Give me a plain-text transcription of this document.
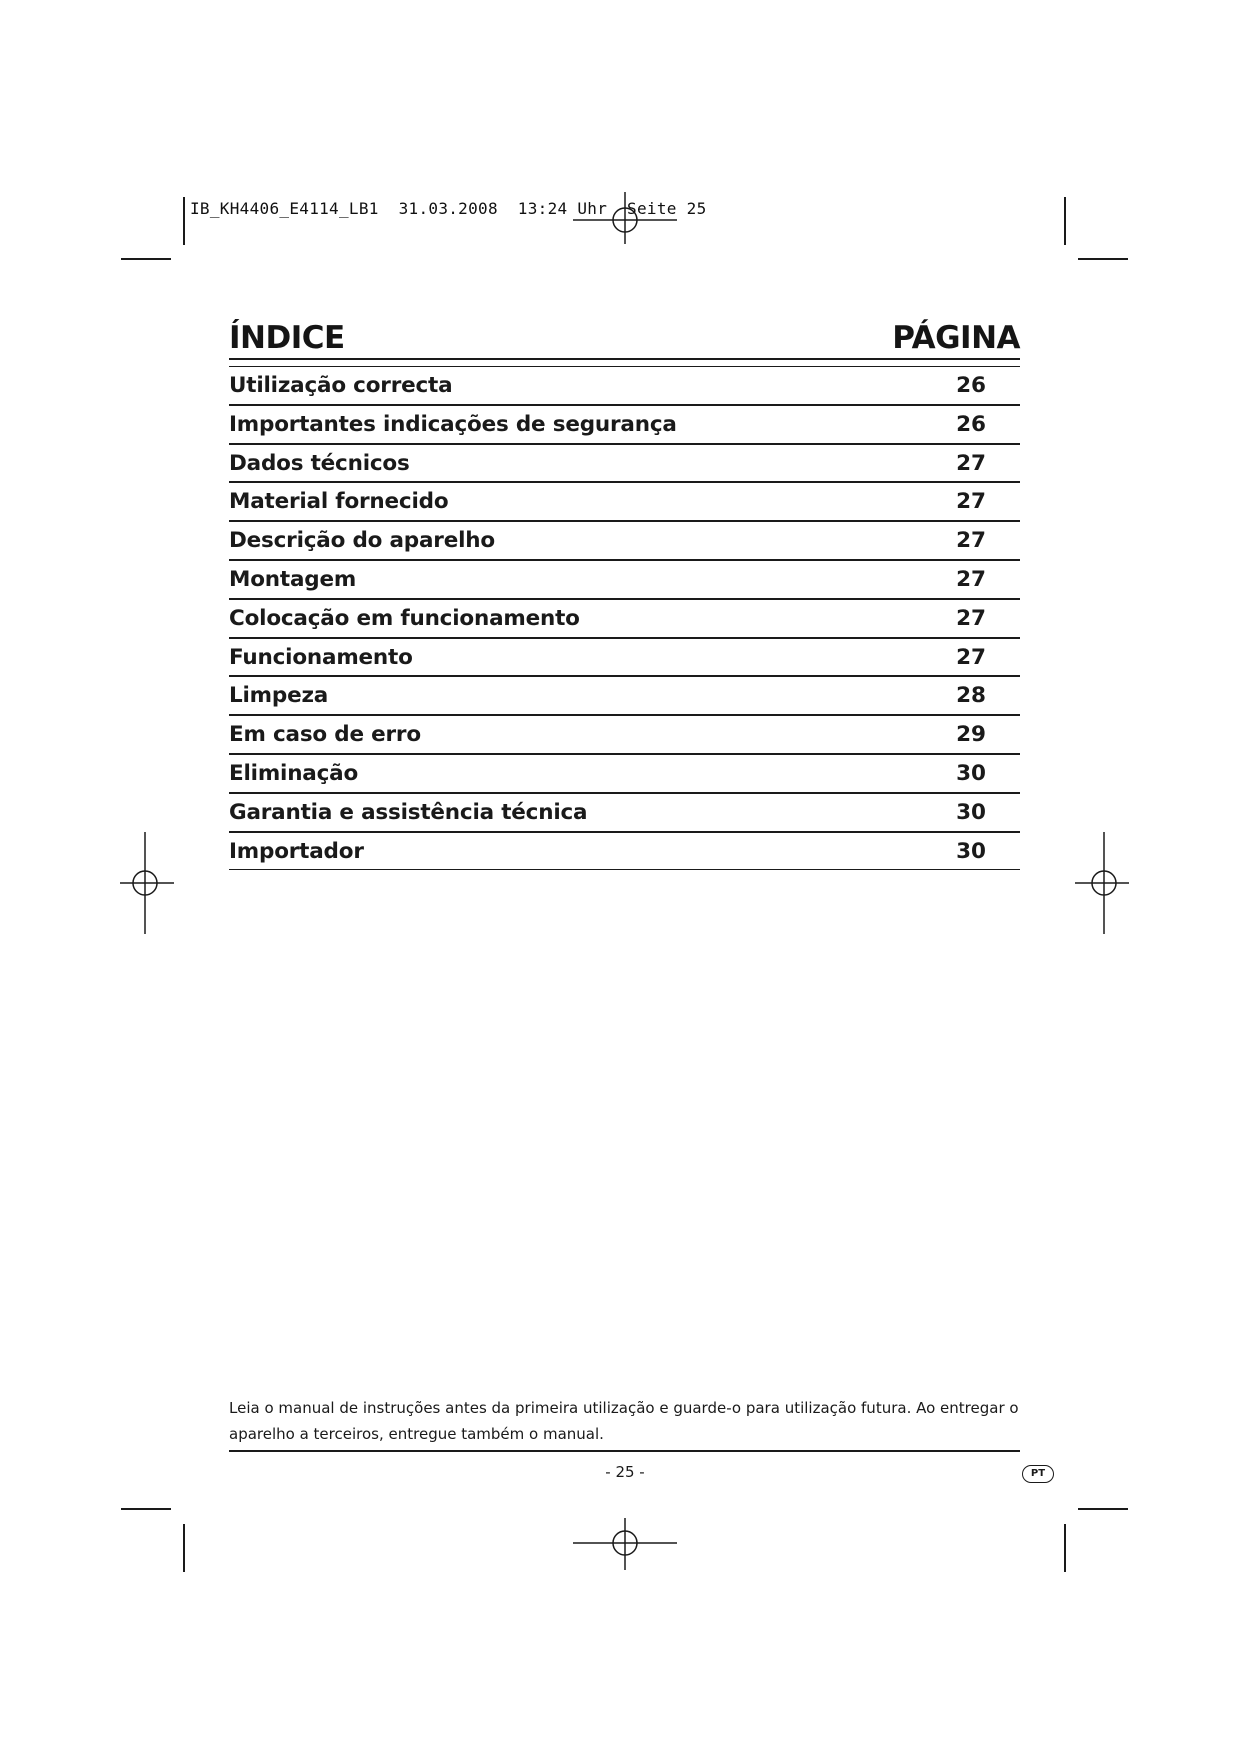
IB_KH4406_E4114_LB1  31.03.2008  13:24 Uhr  Seite 25
ÍNDICE	PÁGINA
Utilização correcta	26
Importantes indicações de segurança	26
Dados técnicos	27
Material fornecido	27
Descrição do aparelho	27
Montagem	27
Colocação em funcionamento	27
Funcionamento	27
Limpeza	28
Em caso de erro	29
Eliminação	30
Garantia e assistência técnica	30
Importador	30
Leia o manual de instruções antes da primeira utilização e guarde-o para utilização futura. Ao entregar o aparelho a terceiros, entregue também o manual.
- 25 -	PT
